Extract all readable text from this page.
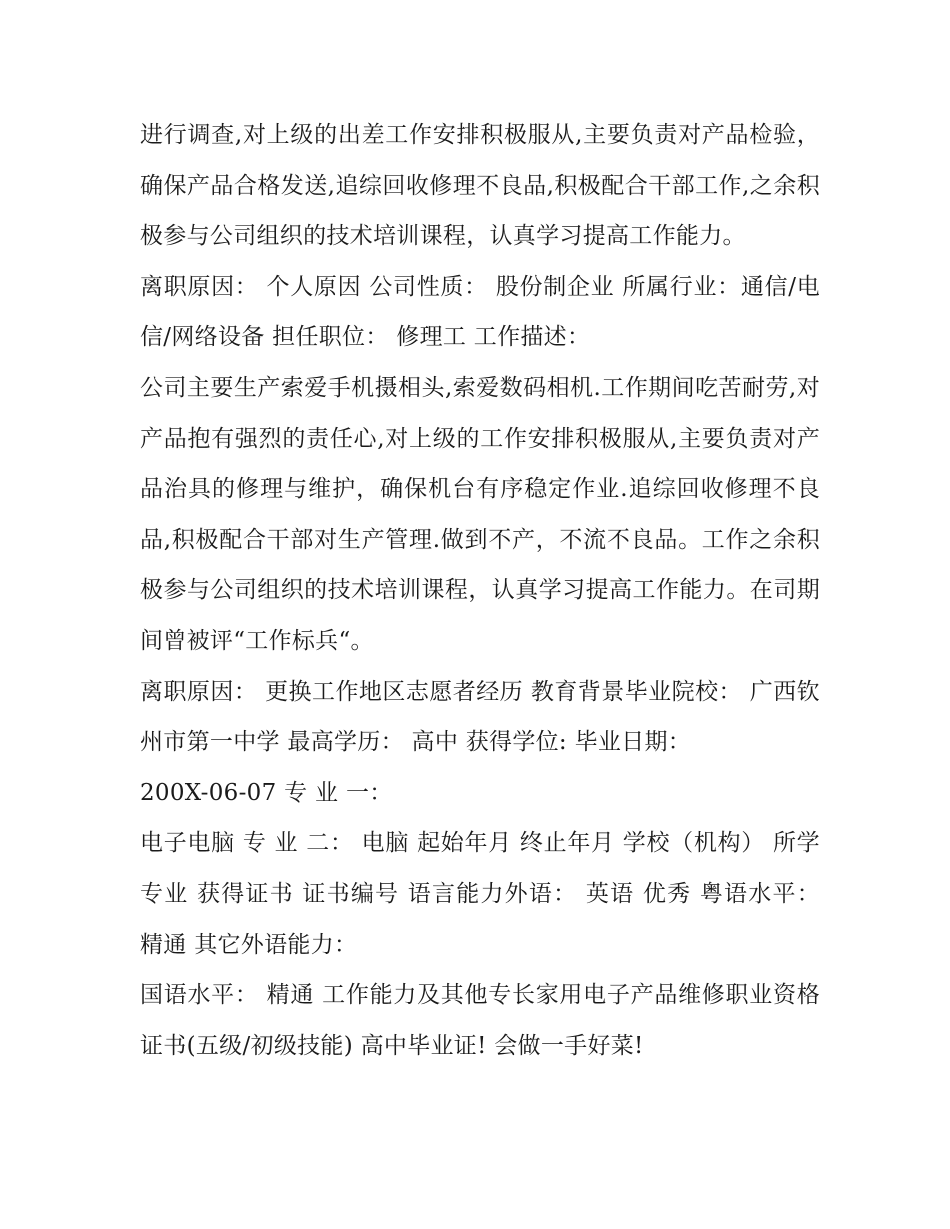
进行调查,对上级的出差工作安排积极服从,主要负责对产品检验，确保产品合格发送,追综回收修理不良品,积极配合干部工作,之余积极参与公司组织的技术培训课程，认真学习提高工作能力。

离职原因： 个人原因 公司性质： 股份制企业 所属行业：通信/电信/网络设备 担任职位： 修理工 工作描述：

公司主要生产索爱手机摄相头,索爱数码相机.工作期间吃苦耐劳,对产品抱有强烈的责任心,对上级的工作安排积极服从,主要负责对产品治具的修理与维护，确保机台有序稳定作业.追综回收修理不良品,积极配合干部对生产管理.做到不产，不流不良品。工作之余积极参与公司组织的技术培训课程，认真学习提高工作能力。在司期间曾被评“工作标兵“。

离职原因： 更换工作地区志愿者经历 教育背景毕业院校： 广西钦州市第一中学 最高学历： 高中 获得学位: 毕业日期：

200X-06-07 专 业 一：

电子电脑 专 业 二： 电脑 起始年月 终止年月 学校（机构） 所学专业 获得证书 证书编号 语言能力外语： 英语 优秀 粤语水平： 精通 其它外语能力：

国语水平： 精通 工作能力及其他专长家用电子产品维修职业资格证书(五级/初级技能) 高中毕业证! 会做一手好菜!
